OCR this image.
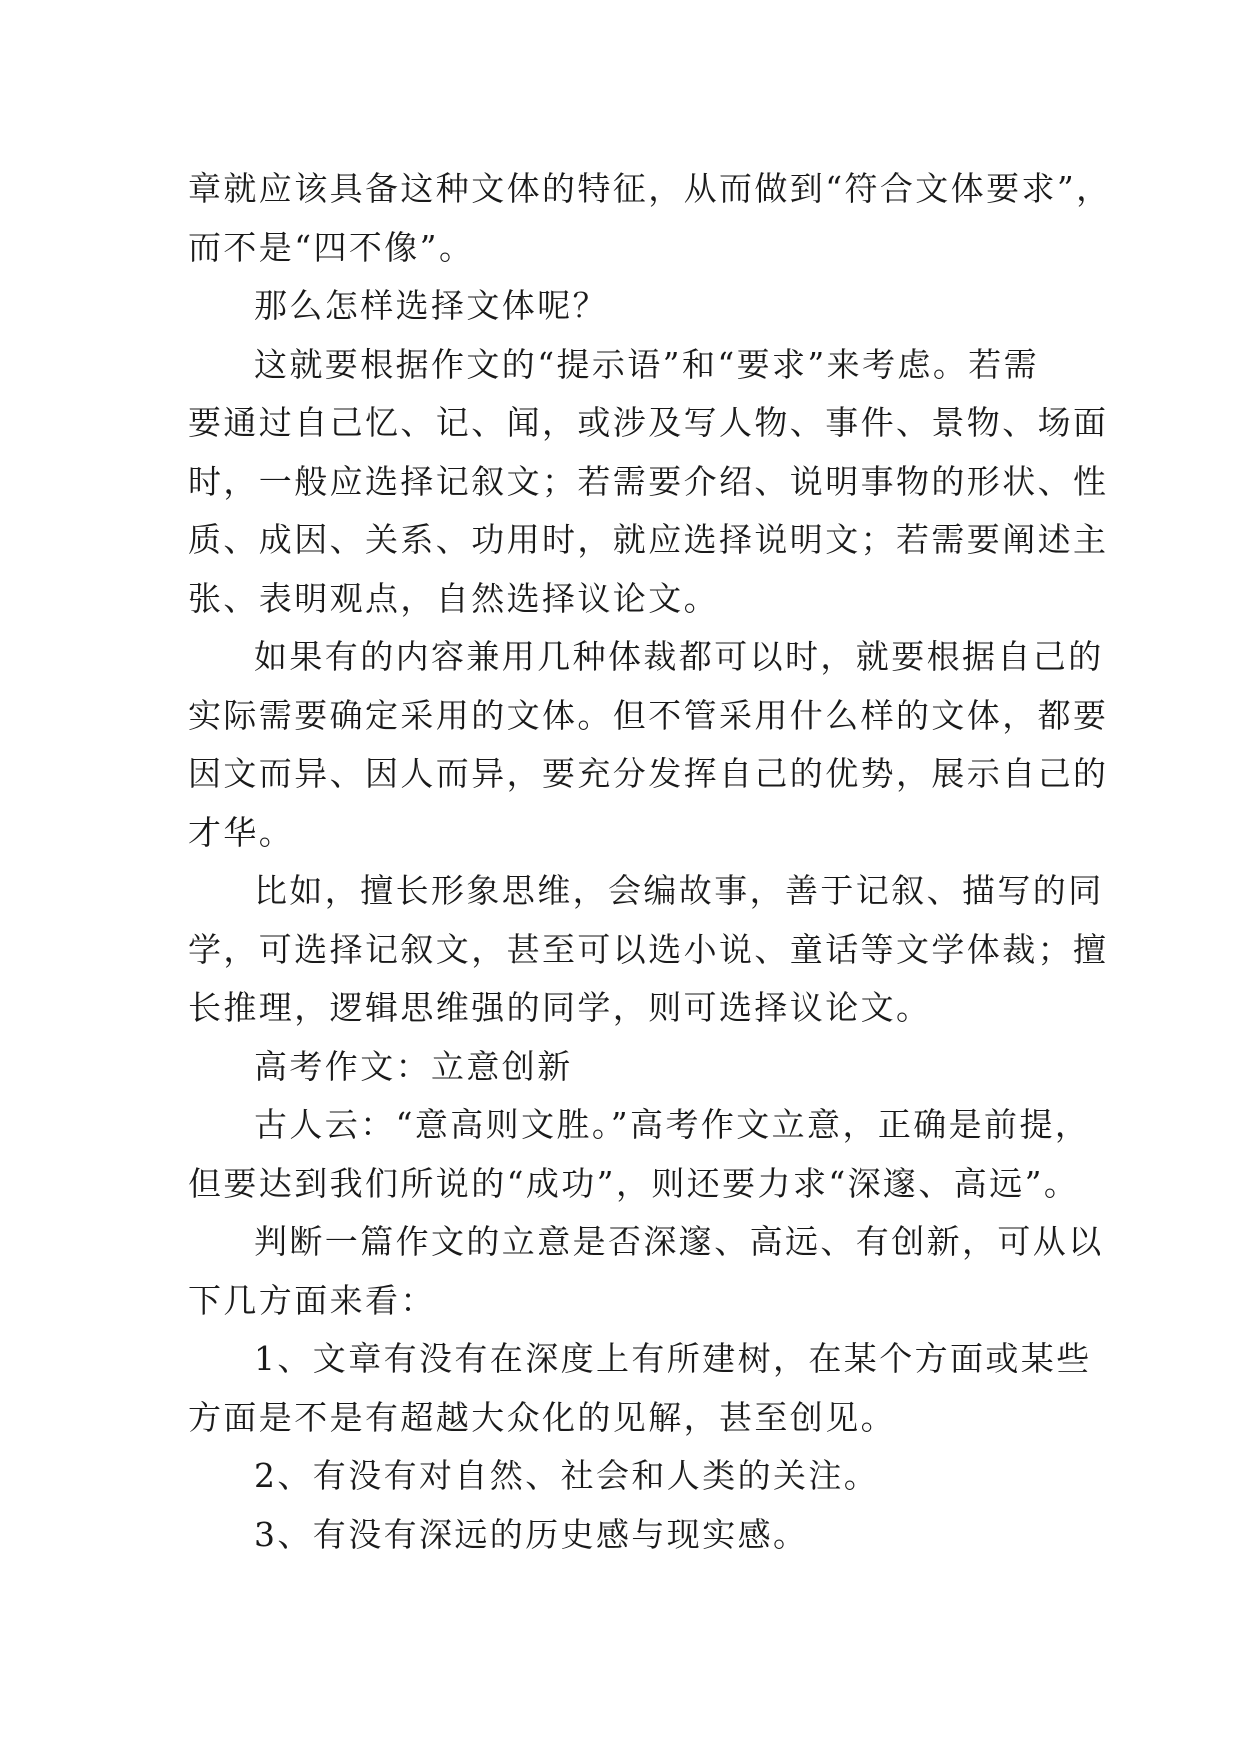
章就应该具备这种文体的特征，从而做到“符合文体要求”，
而不是“四不像”。

那么怎样选择文体呢？

这就要根据作文的“提示语”和“要求”来考虑。若需
要通过自己忆、记、闻，或涉及写人物、事件、景物、场面
时，一般应选择记叙文；若需要介绍、说明事物的形状、性
质、成因、关系、功用时，就应选择说明文；若需要阐述主
张、表明观点，自然选择议论文。

如果有的内容兼用几种体裁都可以时，就要根据自己的
实际需要确定采用的文体。但不管采用什么样的文体，都要
因文而异、因人而异，要充分发挥自己的优势，展示自己的
才华。

比如，擅长形象思维，会编故事，善于记叙、描写的同
学，可选择记叙文，甚至可以选小说、童话等文学体裁；擅
长推理，逻辑思维强的同学，则可选择议论文。

高考作文：立意创新

古人云：“意高则文胜。”高考作文立意，正确是前提，
但要达到我们所说的“成功”，则还要力求“深邃、高远”。

判断一篇作文的立意是否深邃、高远、有创新，可从以
下几方面来看：

1、文章有没有在深度上有所建树，在某个方面或某些
方面是不是有超越大众化的见解，甚至创见。

2、有没有对自然、社会和人类的关注。

3、有没有深远的历史感与现实感。
